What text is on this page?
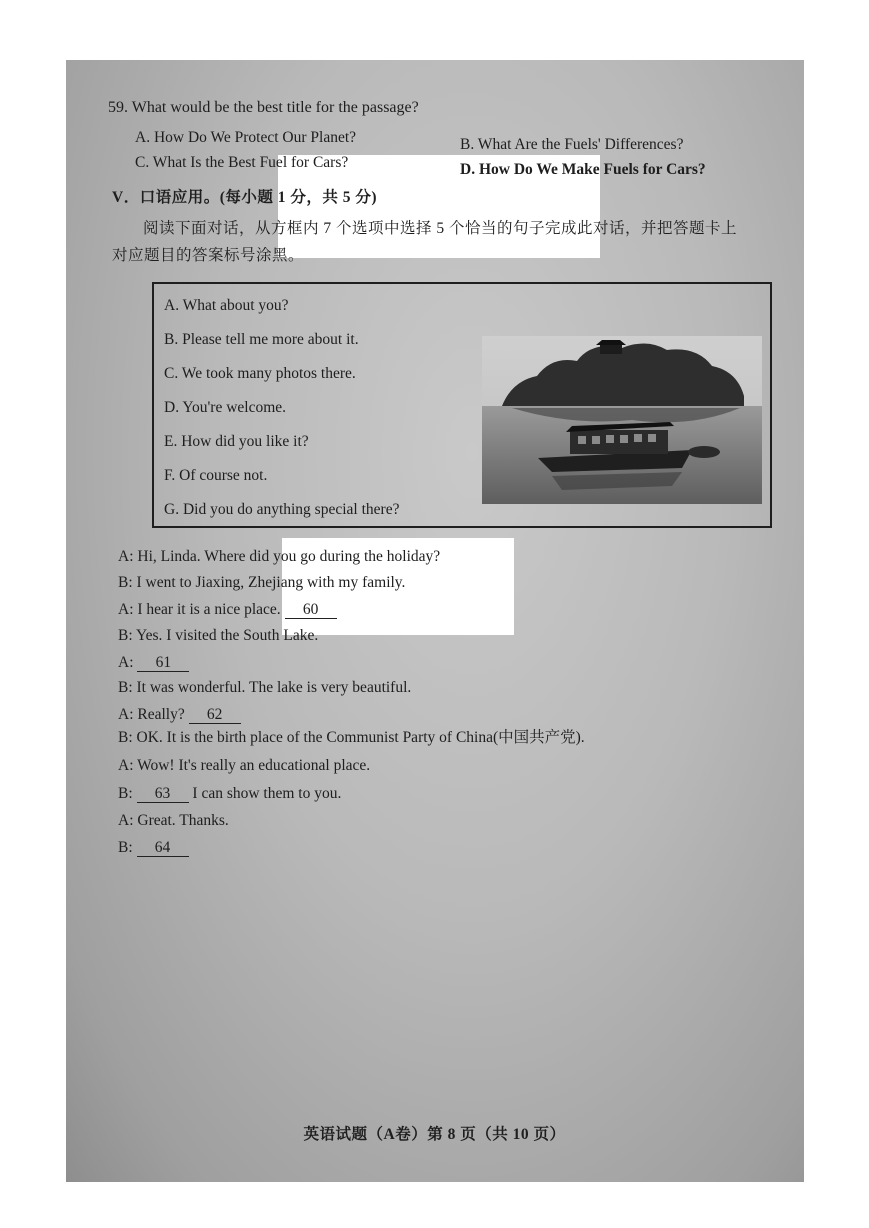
59. What would be the best title for the passage?
A. How Do We Protect Our Planet?	B. What Are the Fuels' Differences?
C. What Is the Best Fuel for Cars?	D. How Do We Make Fuels for Cars?
V．口语应用。(每小题 1 分，共 5 分)
阅读下面对话，从方框内 7 个选项中选择 5 个恰当的句子完成此对话，并把答题卡上
对应题目的答案标号涂黑。
A. What about you?
B. Please tell me more about it.
C. We took many photos there.
D. You're welcome.
E. How did you like it?
F. Of course not.
G. Did you do anything special there?
A: Hi, Linda. Where did you go during the holiday?
B: I went to Jiaxing, Zhejiang with my family.
A: I hear it is a nice place. 60
B: Yes. I visited the South Lake.
A: 61
B: It was wonderful. The lake is very beautiful.
A: Really? 62
B: OK. It is the birth place of the Communist Party of China(中国共产党).
A: Wow! It's really an educational place.
B: 63 I can show them to you.
A: Great. Thanks.
B: 64
英语试题（A卷）第 8 页（共 10 页）
